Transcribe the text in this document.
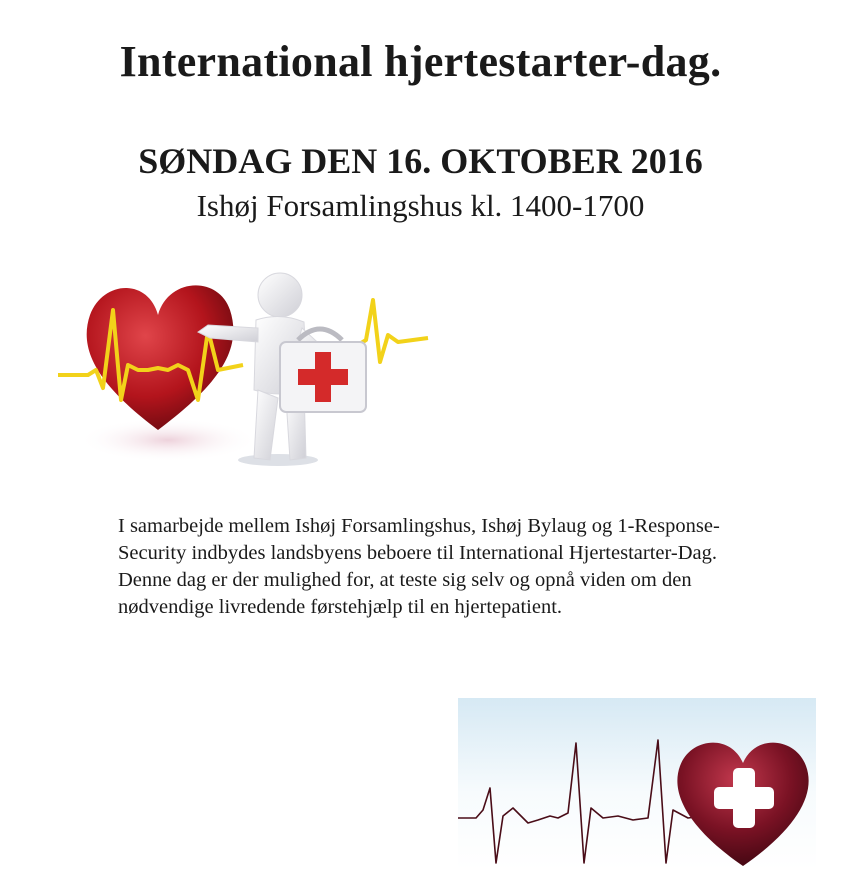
International hjertestarter-dag.
SØNDAG DEN 16. OKTOBER 2016
Ishøj Forsamlingshus kl. 1400-1700
I samarbejde mellem Ishøj Forsamlingshus, Ishøj Bylaug og 1-Response-
Security indbydes landsbyens beboere til International Hjertestarter-Dag.
Denne dag er der mulighed for, at teste sig selv og opnå viden om den
nødvendige livredende førstehjælp til en hjertepatient.
